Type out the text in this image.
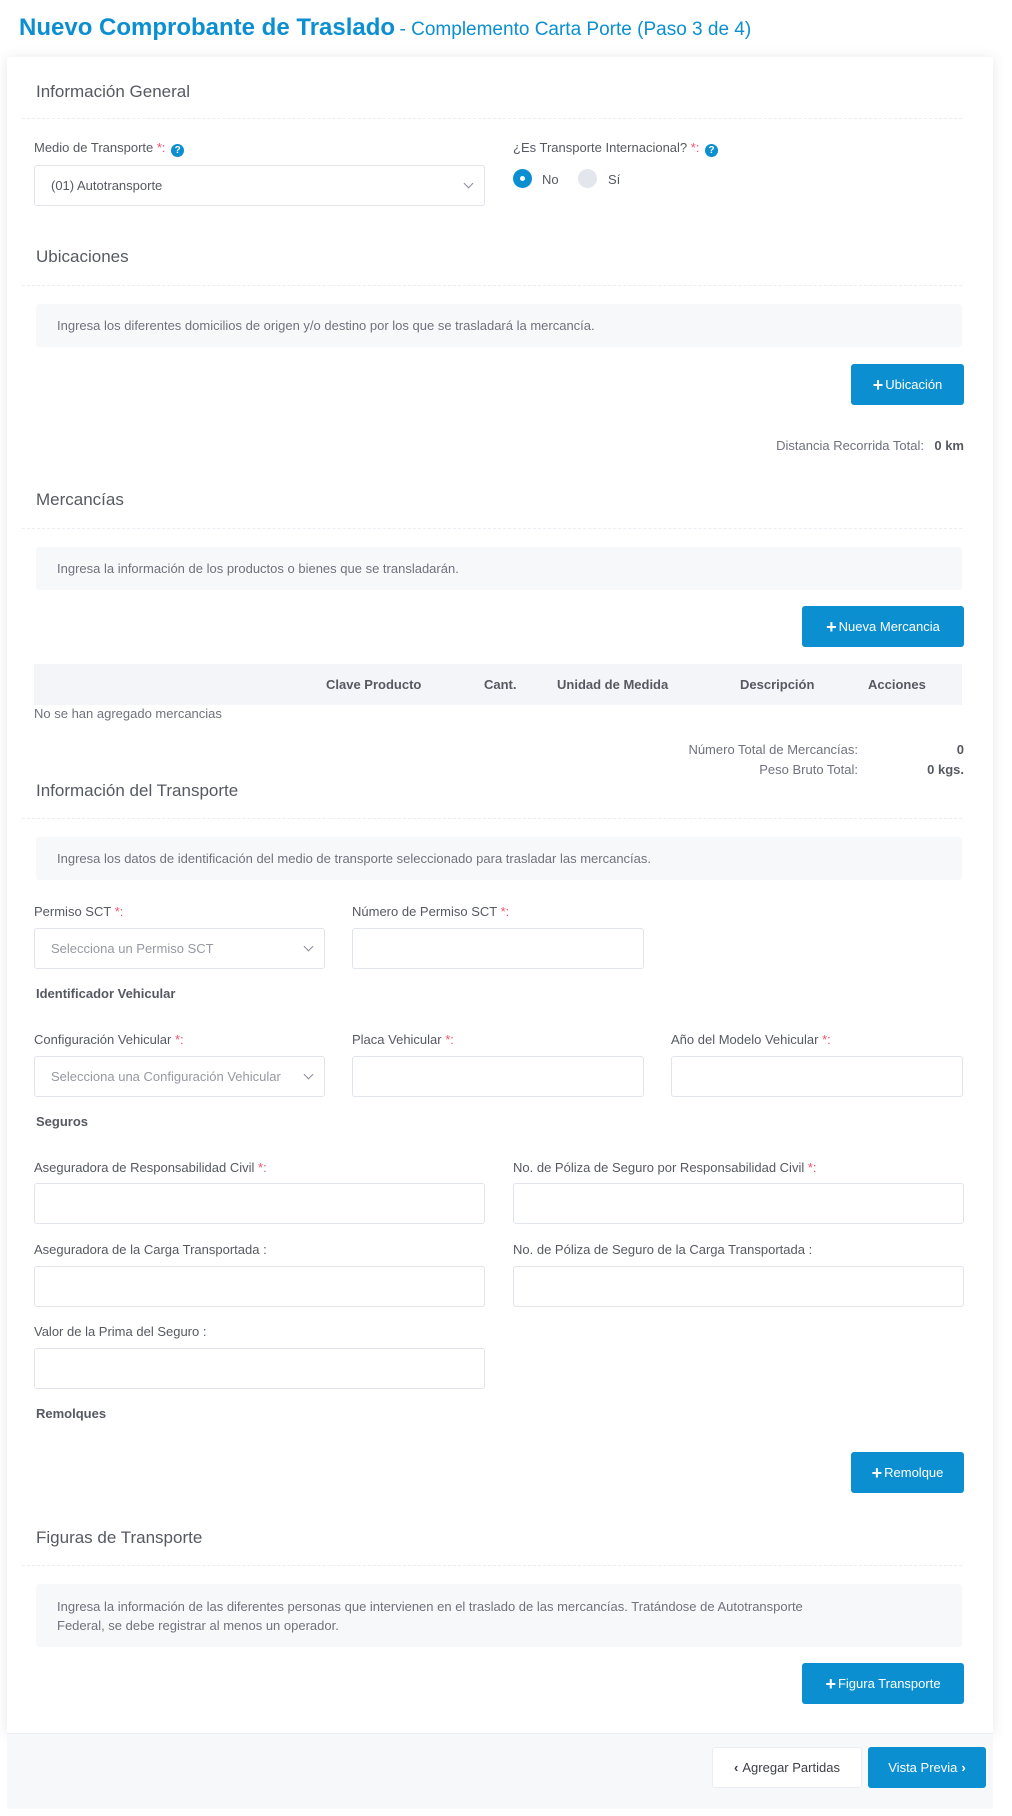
Nuevo Comprobante de Traslado - Complemento Carta Porte (Paso 3 de 4)
Información General
Medio de Transporte *: ?
(01) Autotransporte
¿Es Transporte Internacional? *: ?
No	Sí
Ubicaciones
Ingresa los diferentes domicilios de origen y/o destino por los que se trasladará la mercancía.
+ Ubicación
Distancia Recorrida Total: 0 km
Mercancías
Ingresa la información de los productos o bienes que se transladarán.
+ Nueva Mercancia
Clave Producto	Cant.	Unidad de Medida	Descripción	Acciones
No se han agregado mercancias
Número Total de Mercancías:	0
Peso Bruto Total:	0 kgs.
Información del Transporte
Ingresa los datos de identificación del medio de transporte seleccionado para trasladar las mercancías.
Permiso SCT *:
Selecciona un Permiso SCT
Número de Permiso SCT *:
Identificador Vehicular
Configuración Vehicular *:
Selecciona una Configuración Vehicular
Placa Vehicular *:	Año del Modelo Vehicular *:
Seguros
Aseguradora de Responsabilidad Civil *:	No. de Póliza de Seguro por Responsabilidad Civil *:
Aseguradora de la Carga Transportada :	No. de Póliza de Seguro de la Carga Transportada :
Valor de la Prima del Seguro :
Remolques
+ Remolque
Figuras de Transporte
Ingresa la información de las diferentes personas que intervienen en el traslado de las mercancías. Tratándose de Autotransporte
Federal, se debe registrar al menos un operador.
+ Figura Transporte
‹ Agregar Partidas	Vista Previa ›
